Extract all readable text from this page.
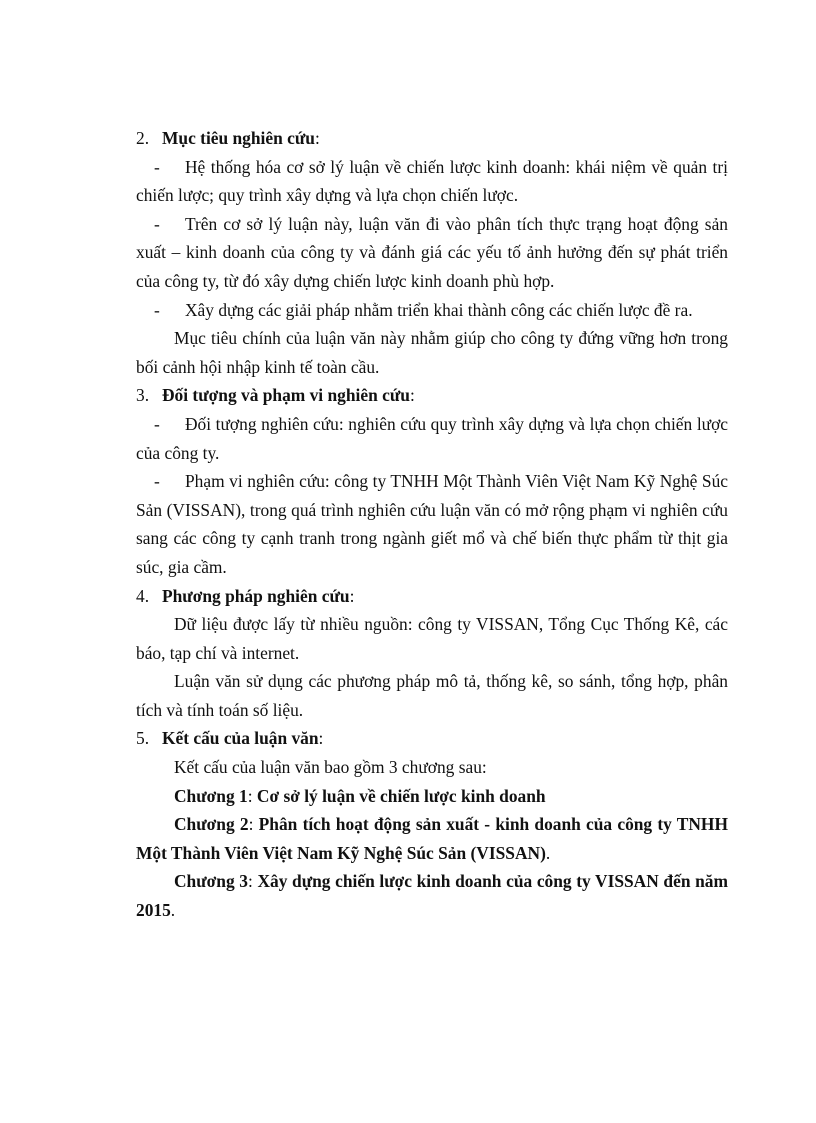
2. Mục tiêu nghiên cứu:

- Hệ thống hóa cơ sở lý luận về chiến lược kinh doanh: khái niệm về quản trị chiến lược; quy trình xây dựng và lựa chọn chiến lược.

- Trên cơ sở lý luận này, luận văn đi vào phân tích thực trạng hoạt động sản xuất – kinh doanh của công ty và đánh giá các yếu tố ảnh hưởng đến sự phát triển của công ty, từ đó xây dựng chiến lược kinh doanh phù hợp.

- Xây dựng các giải pháp nhằm triển khai thành công các chiến lược đề ra.

Mục tiêu chính của luận văn này nhằm giúp cho công ty đứng vững hơn trong bối cảnh hội nhập kinh tế toàn cầu.

3. Đối tượng và phạm vi nghiên cứu:

- Đối tượng nghiên cứu: nghiên cứu quy trình xây dựng và lựa chọn chiến lược của công ty.

- Phạm vi nghiên cứu: công ty TNHH Một Thành Viên Việt Nam Kỹ Nghệ Súc Sản (VISSAN), trong quá trình nghiên cứu luận văn có mở rộng phạm vi nghiên cứu sang các công ty cạnh tranh trong ngành giết mổ và chế biến thực phẩm từ thịt gia súc, gia cầm.

4. Phương pháp nghiên cứu:

Dữ liệu được lấy từ nhiều nguồn: công ty VISSAN, Tổng Cục Thống Kê, các báo, tạp chí và internet.

Luận văn sử dụng các phương pháp mô tả, thống kê, so sánh, tổng hợp, phân tích và tính toán số liệu.

5. Kết cấu của luận văn:

Kết cấu của luận văn bao gồm 3 chương sau:

Chương 1: Cơ sở lý luận về chiến lược kinh doanh

Chương 2: Phân tích hoạt động sản xuất - kinh doanh của công ty TNHH Một Thành Viên Việt Nam Kỹ Nghệ Súc Sản (VISSAN).

Chương 3: Xây dựng chiến lược kinh doanh của công ty VISSAN đến năm 2015.
